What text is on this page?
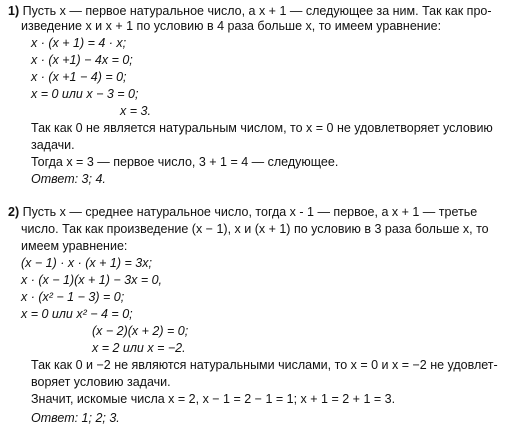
1) Пусть x — первое натуральное число, а x + 1 — следующее за ним. Так как про-
изведение x и x + 1 по условию в 4 раза больше x, то имеем уравнение:
x · (x + 1) = 4 · x;
x · (x +1) − 4x = 0;
x · (x +1 − 4) = 0;
x = 0 или x − 3 = 0;
x = 3.
Так как 0 не является натуральным числом, то x = 0 не удовлетворяет условию
задачи.
Тогда x = 3 — первое число, 3 + 1 = 4 — следующее.
Ответ: 3; 4.
2) Пусть x — среднее натуральное число, тогда x - 1 — первое, а x + 1 — третье
число. Так как произведение (x − 1), x и (x + 1) по условию в 3 раза больше x, то
имеем уравнение:
(x − 1) · x · (x + 1) = 3x;
x · (x − 1)(x + 1) − 3x = 0,
x · (x² − 1 − 3) = 0;
x = 0 или x² − 4 = 0;
(x − 2)(x + 2) = 0;
x = 2 или x = −2.
Так как 0 и −2 не являются натуральными числами, то x = 0 и x = −2 не удовлет-
воряет условию задачи.
Значит, искомые числа x = 2, x − 1 = 2 − 1 = 1; x + 1 = 2 + 1 = 3.
Ответ: 1; 2; 3.
